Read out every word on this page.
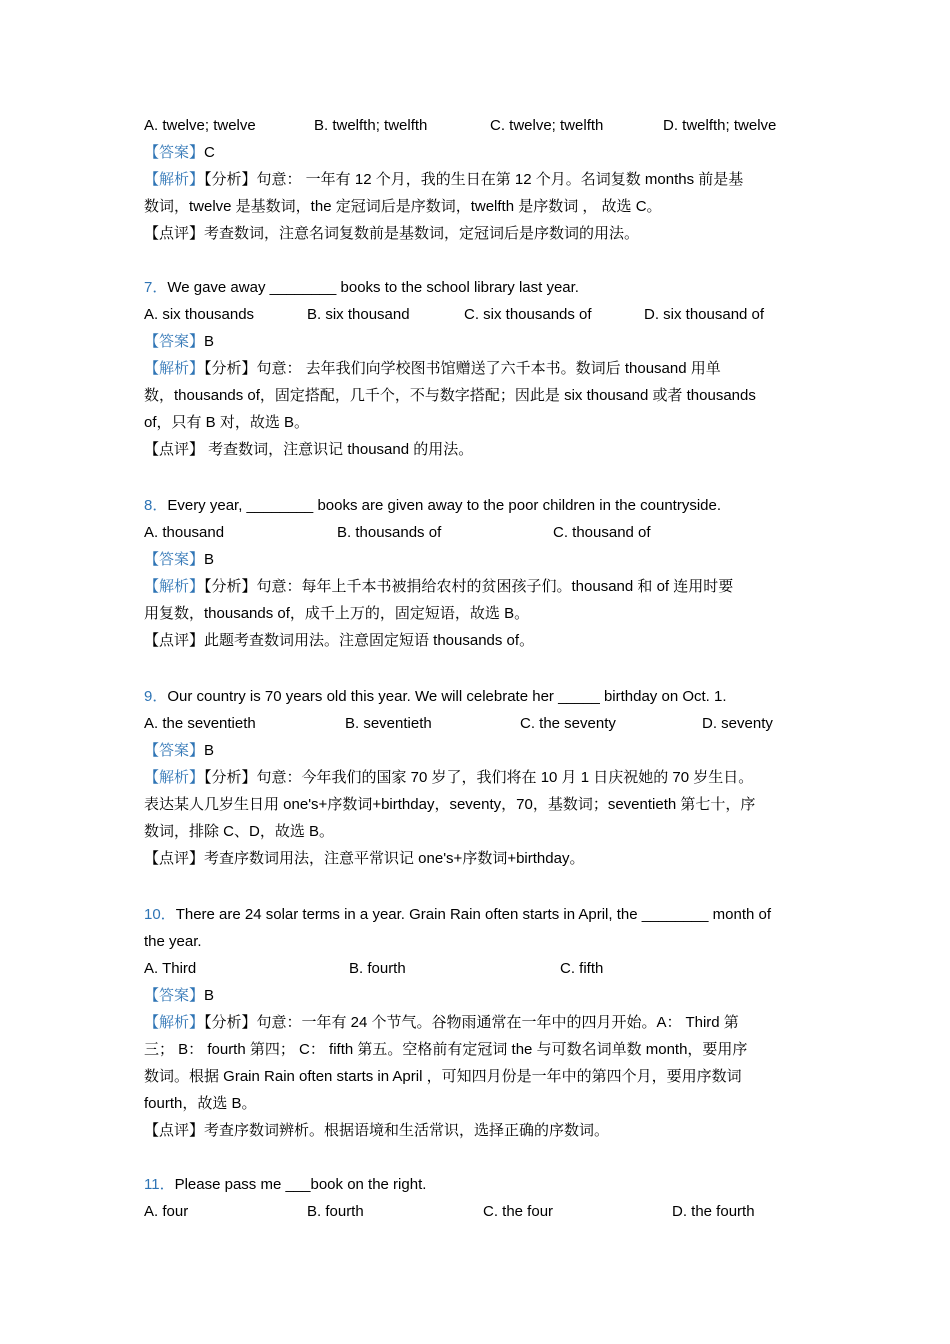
A. twelve; twelve	B. twelfth; twelfth	C. twelve; twelfth	D. twelfth; twelve
【答案】C
【解析】【分析】句意： 一年有 12 个月，我的生日在第 12 个月。名词复数 months 前是基
数词，twelve 是基数词，the 定冠词后是序数词，twelfth 是序数词 ， 故选 C。
【点评】考查数词，注意名词复数前是基数词，定冠词后是序数词的用法。
7．We gave away ________ books to the school library last year.
A. six thousands	B. six thousand	C. six thousands of	D. six thousand of
【答案】B
【解析】【分析】句意： 去年我们向学校图书馆赠送了六千本书。数词后 thousand 用单
数，thousands of，固定搭配，几千个，不与数字搭配；因此是 six thousand 或者 thousands
of，只有 B 对，故选 B。
【点评】 考查数词，注意识记 thousand 的用法。
8．Every year, ________ books are given away to the poor children in the countryside.
A. thousand	B. thousands of	C. thousand of
【答案】B
【解析】【分析】句意：每年上千本书被捐给农村的贫困孩子们。thousand 和 of 连用时要
用复数，thousands of，成千上万的，固定短语，故选 B。
【点评】此题考查数词用法。注意固定短语 thousands of。
9．Our country is 70 years old this year. We will celebrate her _____ birthday on Oct. 1.
A. the seventieth	B. seventieth	C. the seventy	D. seventy
【答案】B
【解析】【分析】句意：今年我们的国家 70 岁了，我们将在 10 月 1 日庆祝她的 70 岁生日。
表达某人几岁生日用 one's+序数词+birthday，seventy，70，基数词；seventieth 第七十，序
数词，排除 C、D，故选 B。
【点评】考查序数词用法，注意平常识记 one's+序数词+birthday。
10．There are 24 solar terms in a year. Grain Rain often starts in April, the ________ month of
the year.
A. Third	B. fourth	C. fifth
【答案】B
【解析】【分析】句意：一年有 24 个节气。谷物雨通常在一年中的四月开始。A： Third 第
三； B： fourth 第四； C： fifth 第五。空格前有定冠词 the 与可数名词单数 month，要用序
数词。根据 Grain Rain often starts in April ，可知四月份是一年中的第四个月，要用序数词
fourth，故选 B。
【点评】考查序数词辨析。根据语境和生活常识，选择正确的序数词。
11．Please pass me ___book on the right.
A. four	B. fourth	C. the four	D. the fourth
